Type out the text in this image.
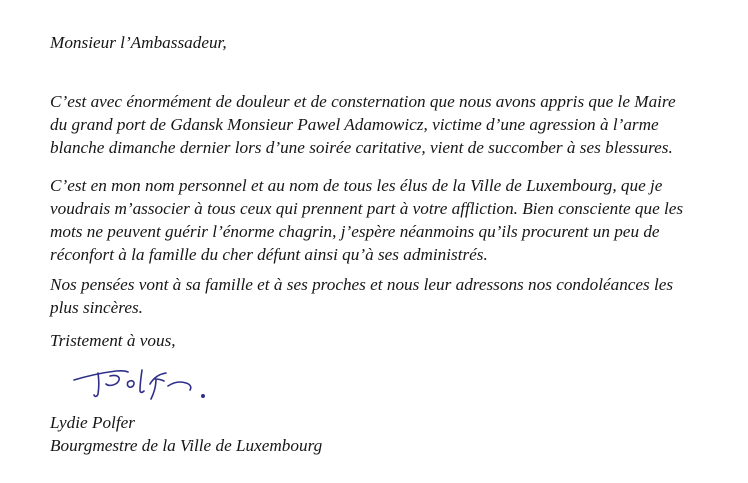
Monsieur l’Ambassadeur,
C’est avec énormément de douleur et de consternation que nous avons appris que le Maire
du grand port de Gdansk Monsieur Pawel Adamowicz, victime d’une agression à l’arme
blanche dimanche dernier lors d’une soirée caritative, vient de succomber à ses blessures.
C’est en mon nom personnel et au nom de tous les élus de la Ville de Luxembourg, que je
voudrais m’associer à tous ceux qui prennent part à votre affliction. Bien consciente que les
mots ne peuvent guérir l’énorme chagrin, j’espère néanmoins qu’ils procurent un peu de
réconfort à la famille du cher défunt ainsi qu’à ses administrés.
Nos pensées vont à sa famille et à ses proches et nous leur adressons nos condoléances les
plus sincères.
Tristement à vous,
Lydie Polfer
Bourgmestre de la Ville de Luxembourg
